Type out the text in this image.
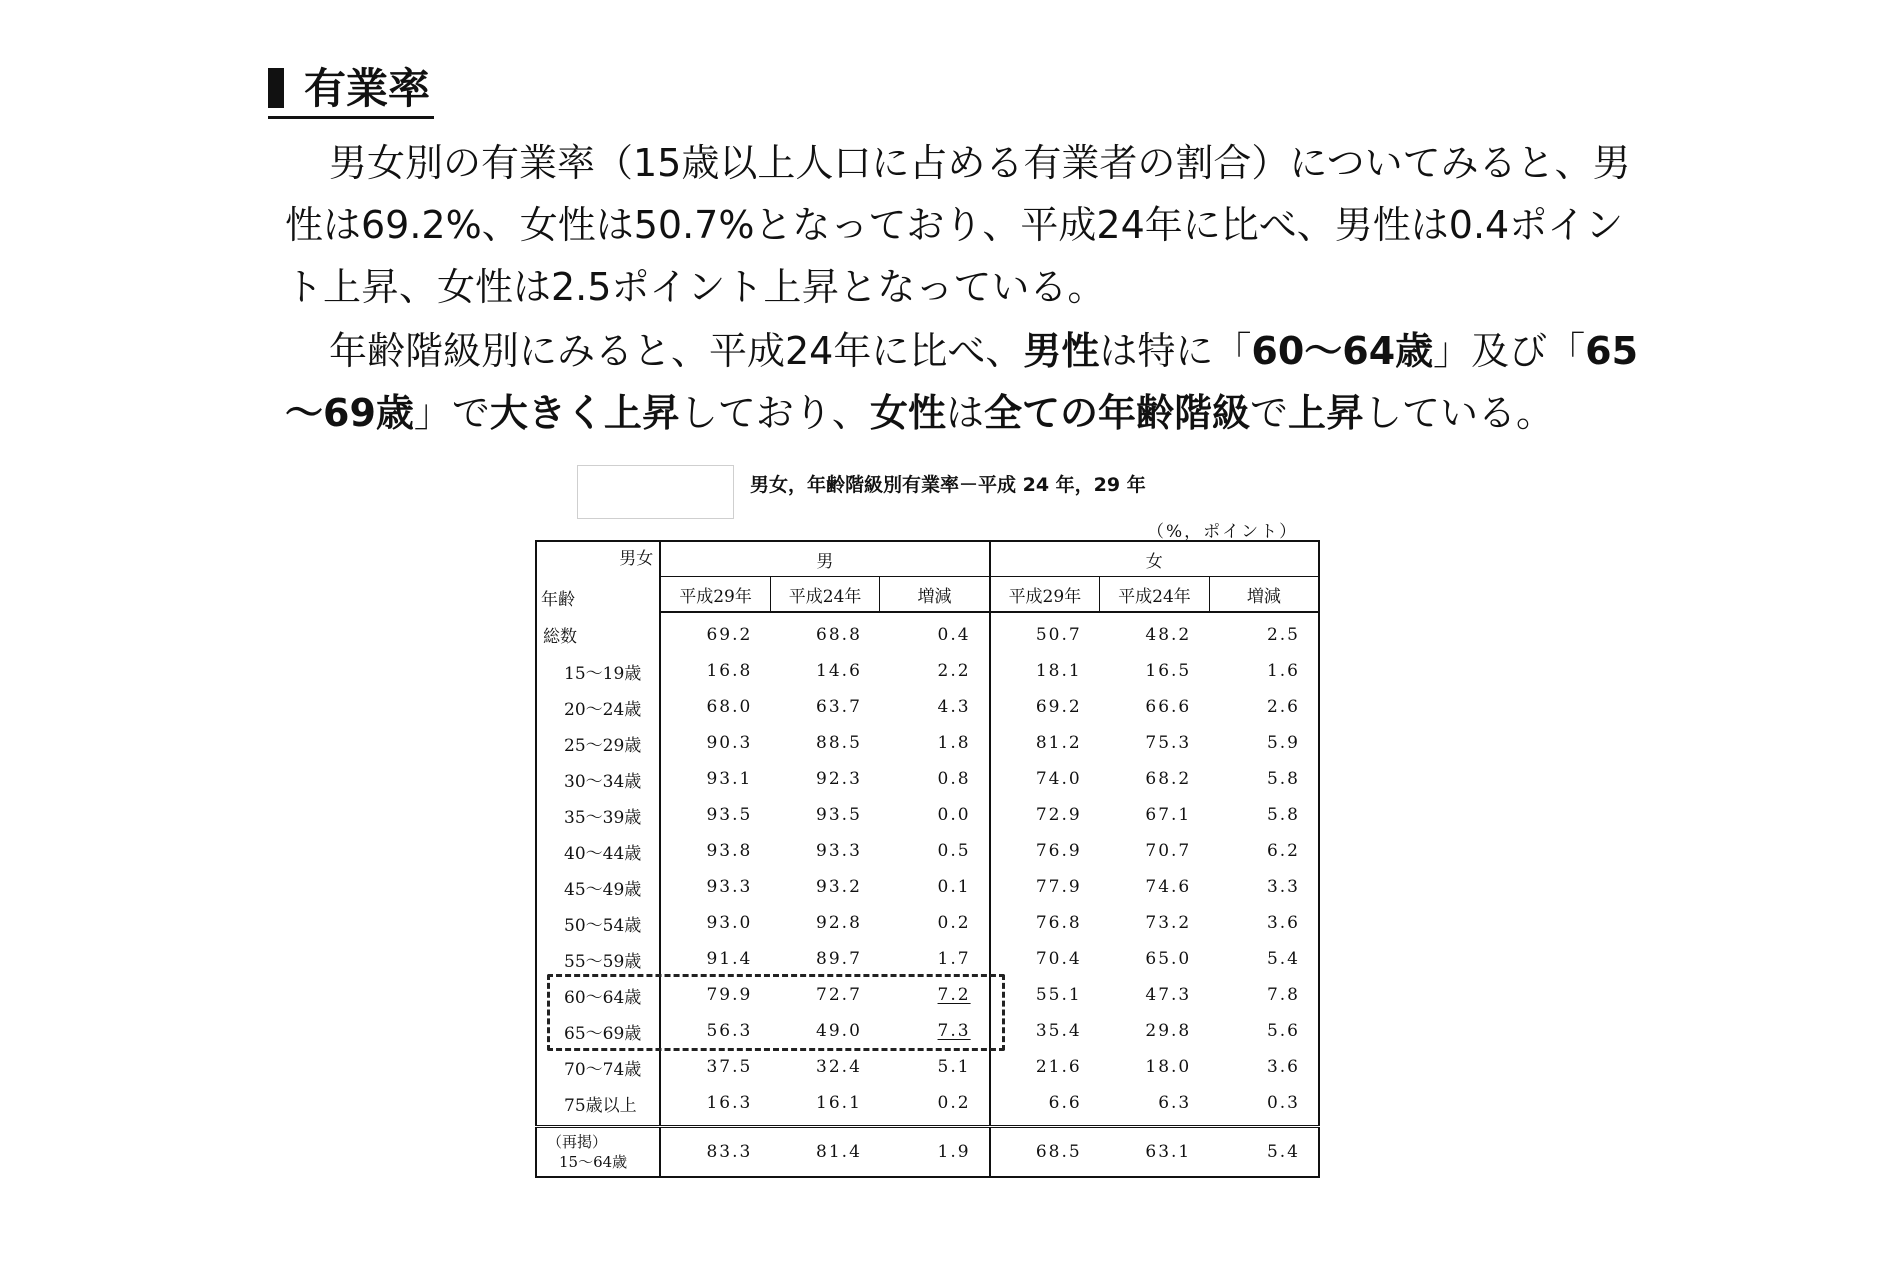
有業率
男女別の有業率（15歳以上人口に占める有業者の割合）についてみると、男
性は69.2%、女性は50.7%となっており、平成24年に比べ、男性は0.4ポイン
ト上昇、女性は2.5ポイント上昇となっている。
年齢階級別にみると、平成24年に比べ、男性は特に「60〜64歳」及び「65
〜69歳」で大きく上昇しており、女性は全ての年齢階級で上昇している。
男女，年齢階級別有業率－平成 24 年，29 年
（%，ポイント）
男女
年齢	男			女		
	平成29年	平成24年	増減	平成29年	平成24年	増減
総数	69.2	68.8	0.4	50.7	48.2	2.5
15〜19歳	16.8	14.6	2.2	18.1	16.5	1.6
20〜24歳	68.0	63.7	4.3	69.2	66.6	2.6
25〜29歳	90.3	88.5	1.8	81.2	75.3	5.9
30〜34歳	93.1	92.3	0.8	74.0	68.2	5.8
35〜39歳	93.5	93.5	0.0	72.9	67.1	5.8
40〜44歳	93.8	93.3	0.5	76.9	70.7	6.2
45〜49歳	93.3	93.2	0.1	77.9	74.6	3.3
50〜54歳	93.0	92.8	0.2	76.8	73.2	3.6
55〜59歳	91.4	89.7	1.7	70.4	65.0	5.4
60〜64歳	79.9	72.7	7.2	55.1	47.3	7.8
65〜69歳	56.3	49.0	7.3	35.4	29.8	5.6
70〜74歳	37.5	32.4	5.1	21.6	18.0	3.6
75歳以上	16.3	16.1	0.2	6.6	6.3	0.3

（再掲）
15〜64歳	83.3	81.4	1.9	68.5	63.1	5.4
